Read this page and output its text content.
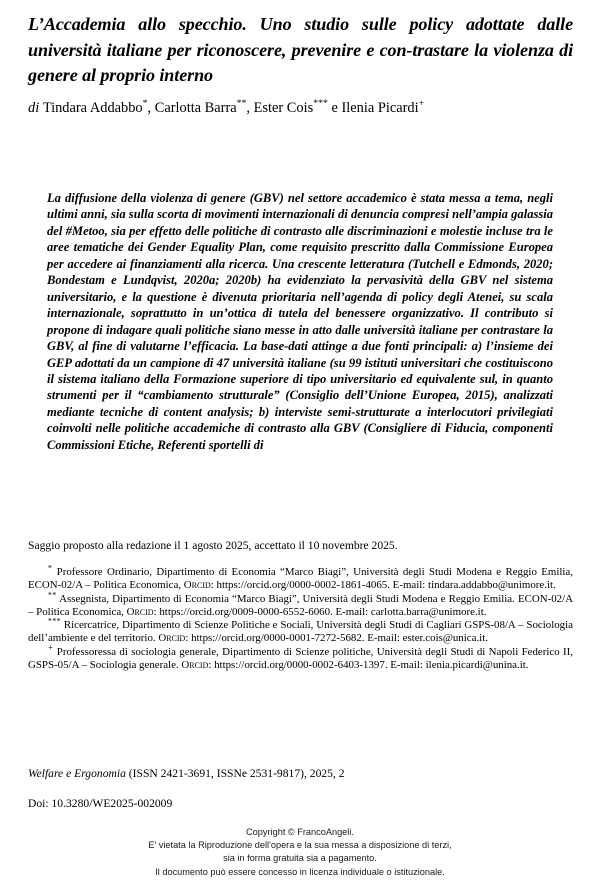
L’Accademia allo specchio. Uno studio sulle policy adottate dalle università italiane per riconoscere, prevenire e con-trastare la violenza di genere al proprio interno
di Tindara Addabbo*, Carlotta Barra**, Ester Cois*** e Ilenia Picardi+

La diffusione della violenza di genere (GBV) nel settore accademico è stata messa a tema, negli ultimi anni, sia sulla scorta di movimenti internazionali di denuncia compresi nell’ampia galassia del #Metoo, sia per effetto delle politiche di contrasto alle discriminazioni e molestie incluse tra le aree tematiche dei Gender Equality Plan, come requisito prescritto dalla Commissione Europea per accedere ai finanziamenti alla ricerca. Una crescente letteratura (Tutchell e Edmonds, 2020; Bondestam e Lundqvist, 2020a; 2020b) ha evidenziato la pervasività della GBV nel sistema universitario, e la questione è divenuta prioritaria nell’agenda di policy degli Atenei, su scala internazionale, soprattutto in un’ottica di tutela del benessere organizzativo. Il contributo si propone di indagare quali politiche siano messe in atto dalle università italiane per contrastare la GBV, al fine di valutarne l’efficacia. La base-dati attinge a due fonti principali: a) l’insieme dei GEP adottati da un campione di 47 università italiane (su 99 istituti universitari che costituiscono il sistema italiano della Formazione superiore di tipo universitario ed equivalente sul, in quanto strumenti per il “cambiamento strutturale” (Consiglio dell’Unione Europea, 2015), analizzati mediante tecniche di content analysis; b) interviste semi-strutturate a interlocutori privilegiati coinvolti nelle politiche accademiche di contrasto alla GBV (Consigliere di Fiducia, componenti Commissioni Etiche, Referenti sportelli di

Saggio proposto alla redazione il 1 agosto 2025, accettato il 10 novembre 2025.

* Professore Ordinario, Dipartimento di Economia “Marco Biagi”, Università degli Studi Modena e Reggio Emilia, ECON-02/A – Politica Economica, Orcid: https://orcid.org/0000-0002-1861-4065. E-mail: tindara.addabbo@unimore.it.

** Assegnista, Dipartimento di Economia “Marco Biagi”, Università degli Studi Modena e Reggio Emilia. ECON-02/A – Politica Economica, Orcid: https://orcid.org/0009-0000-6552-6060. E-mail: carlotta.barra@unimore.it.

*** Ricercatrice, Dipartimento di Scienze Politiche e Sociali, Università degli Studi di Cagliari GSPS-08/A – Sociologia dell’ambiente e del territorio. Orcid: https://orcid.org/0000-0001-7272-5682. E-mail: ester.cois@unica.it.

+ Professoressa di sociologia generale, Dipartimento di Scienze politiche, Università degli Studi di Napoli Federico II, GSPS-05/A – Sociologia generale. Orcid: https://orcid.org/0000-0002-6403-1397. E-mail: ilenia.picardi@unina.it.

Welfare e Ergonomia (ISSN 2421-3691, ISSNe 2531-9817), 2025, 2
Doi: 10.3280/WE2025-002009
Copyright © FrancoAngeli.
E' vietata la Riproduzione dell'opera e la sua messa a disposizione di terzi,
sia in forma gratuita sia a pagamento.
Il documento può essere concesso in licenza individuale o istituzionale.
